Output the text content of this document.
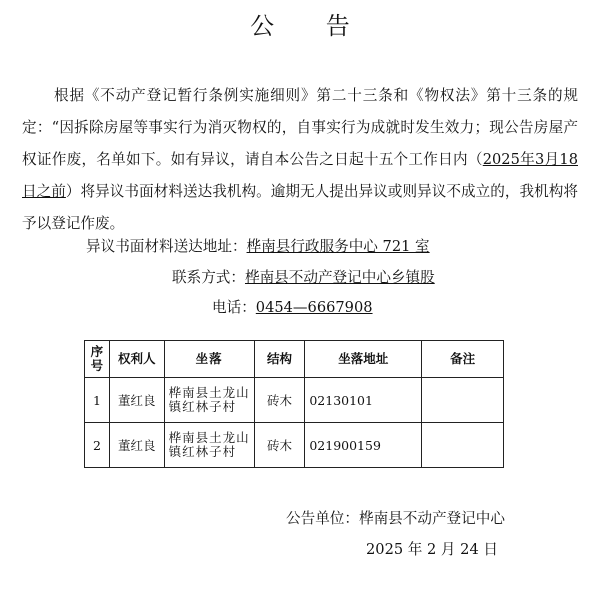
公 告

根据《不动产登记暂行条例实施细则》第二十三条和《物权法》第十三条的规定：“因拆除房屋等事实行为消灭物权的，自事实行为成就时发生效力；现公告房屋产权证作废，名单如下。如有异议，请自本公告之日起十五个工作日内（2025年3月18日之前）将异议书面材料送达我机构。逾期无人提出异议或则异议不成立的，我机构将予以登记作废。

异议书面材料送达地址：桦南县行政服务中心 721 室
联系方式：桦南县不动产登记中心乡镇股
电话：0454—6667908
序号	权利人	坐落	结构	坐落地址	备注
1	董红良	桦南县土龙山镇红林子村	砖木	02130101	
2	董红良	桦南县土龙山镇红林子村	砖木	021900159	
公告单位：桦南县不动产登记中心
2025 年 2 月 24 日
